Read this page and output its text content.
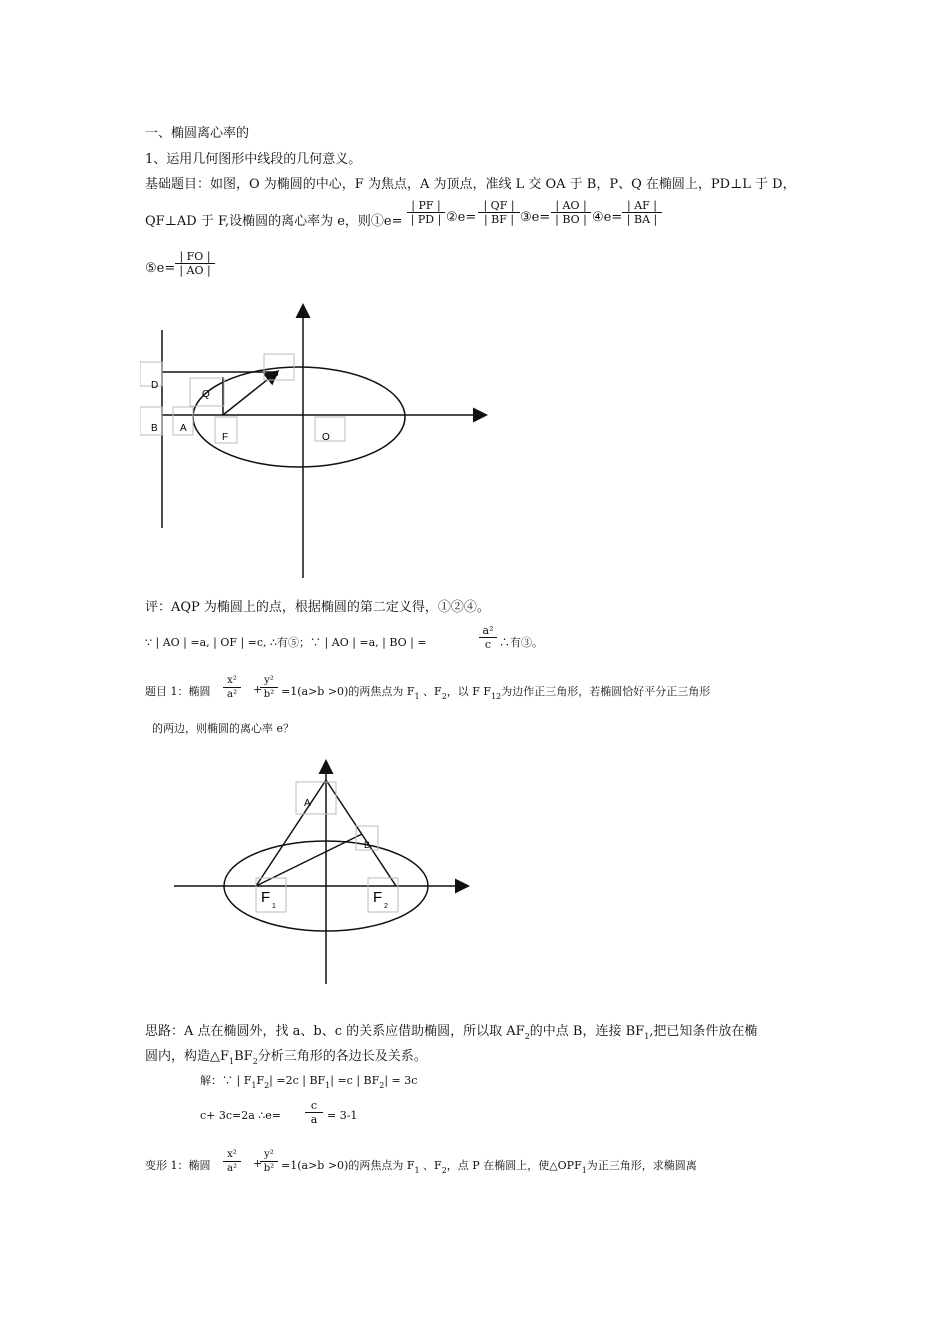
一、椭圆离心率的
1、运用几何图形中线段的几何意义。
基础题目：如图，O 为椭圆的中心，F 为焦点，A 为顶点，准线 L 交 OA 于 B，P、Q 在椭圆上，PD⊥L 于 D，
QF⊥AD 于 F,设椭圆的离心率为 e，则①e= $\frac{| PF |}{| PD |}$ ②e= $\frac{| QF |}{| BF |}$ ③e= $\frac{| AO |}{| BO |}$ ④e= $\frac{| AF |}{| BA |}$
⑤e= $\frac{| FO |}{| AO |}$
P
D
Q
A
F
B
O
评：AQP 为椭圆上的点，根据椭圆的第二定义得，①②④。
∵ | AO | =a, | OF | =c, ∴有⑤；∵ | AO | =a, | BO | =	$\frac{\text{a²}}{c}$ ∴有③。
题目 1：椭圆 $\frac{\text{x²}}{\text{a²}}$ +
$\frac{\text{y²}}{\text{b²}} =1(a>b >0)$的两焦点为 $F_1$ 、$F_2$，以 F $F_{12}$为边作正三角形，若椭圆恰好平分正三角形
的两边，则椭圆的离心率 e？
A
B
F
1
F
2
思路：A 点在椭圆外，找 a、b、c 的关系应借助椭圆，所以取 $AF_2$的中点 B，连接 $BF_1$,把已知条件放在椭
圆内，构造$\triangle F_1BF_2$分析三角形的各边长及关系。
解：∵ | $F_1F_2| =2c$ | $BF_1| =c$ | $BF_2| = 3c$
c+ 3c=2a ∴e= $\frac{c}{a} = 3-1$
变形 1：椭圆 $\frac{\text{x²}}{\text{a²}}$ +
$\frac{\text{y²}}{\text{b²}} =1(a>b >0)$的两焦点为 $F_1$ 、$F_2$，点 P 在椭圆上，使$\triangle OPF_1$为正三角形，求椭圆离
